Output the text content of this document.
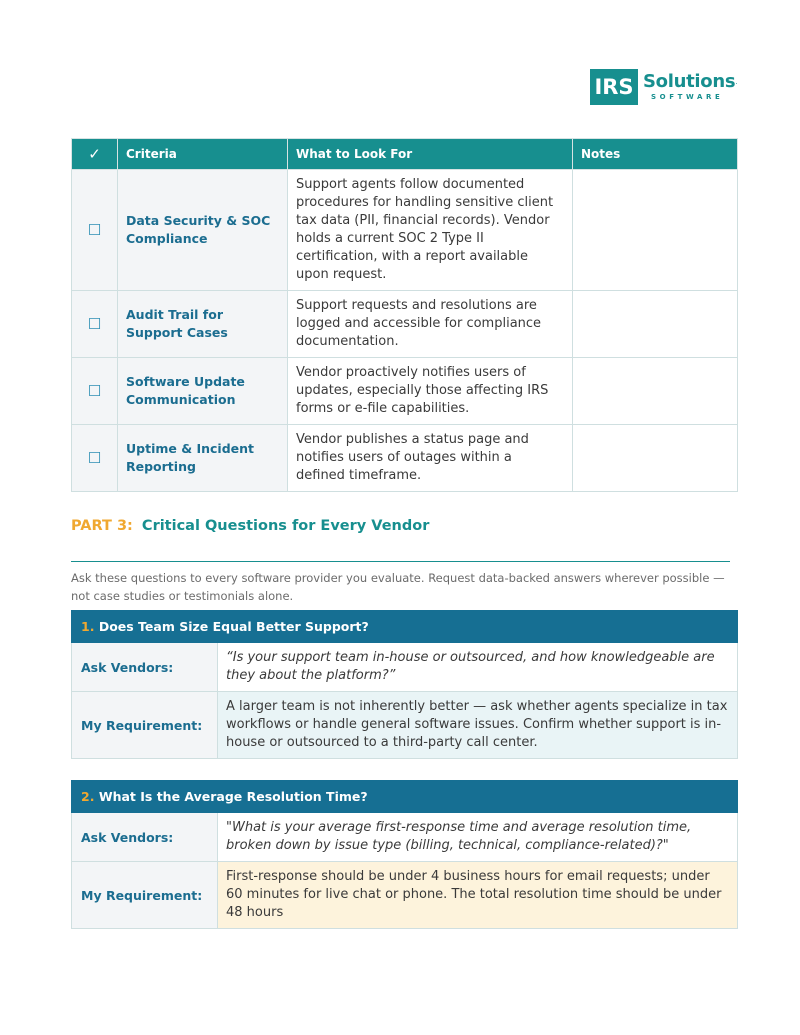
IRS Solutions.
SOFTWARE
✓	Criteria	What to Look For	Notes
☐	Data Security & SOC Compliance	Support agents follow documented procedures for handling sensitive client tax data (PII, financial records). Vendor holds a current SOC 2 Type II certification, with a report available upon request.	
☐	Audit Trail for Support Cases	Support requests and resolutions are logged and accessible for compliance documentation.	
☐	Software Update Communication	Vendor proactively notifies users of updates, especially those affecting IRS forms or e-file capabilities.	
☐	Uptime & Incident Reporting	Vendor publishes a status page and notifies users of outages within a defined timeframe.	
PART 3: Critical Questions for Every Vendor
Ask these questions to every software provider you evaluate. Request data-backed answers wherever possible — not case studies or testimonials alone.
1. Does Team Size Equal Better Support?	
Ask Vendors:	“Is your support team in-house or outsourced, and how knowledgeable are they about the platform?”
My Requirement:	A larger team is not inherently better — ask whether agents specialize in tax workflows or handle general software issues. Confirm whether support is in-house or outsourced to a third-party call center.
2. What Is the Average Resolution Time?	
Ask Vendors:	"What is your average first-response time and average resolution time, broken down by issue type (billing, technical, compliance-related)?"
My Requirement:	First-response should be under 4 business hours for email requests; under 60 minutes for live chat or phone. The total resolution time should be under 48 hours
